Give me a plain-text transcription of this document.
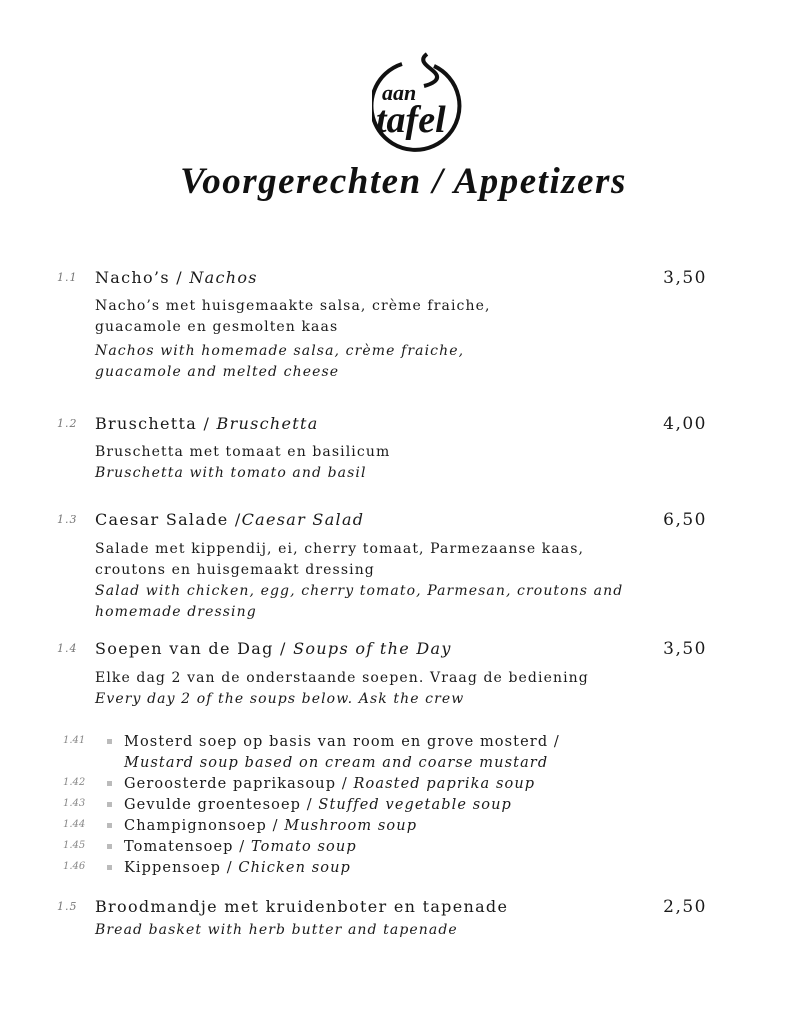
aan
tafel
Voorgerechten / Appetizers
1.1 Nacho’s / Nachos	3,50
Nacho’s met huisgemaakte salsa, crème fraiche,
guacamole en gesmolten kaas
Nachos with homemade salsa, crème fraiche,
guacamole and melted cheese
1.2 Bruschetta / Bruschetta	4,00
Bruschetta met tomaat en basilicum
Bruschetta with tomato and basil
1.3 Caesar Salade /Caesar Salad	6,50
Salade met kippendij, ei, cherry tomaat, Parmezaanse kaas,
croutons en huisgemaakt dressing
Salad with chicken, egg, cherry tomato, Parmesan, croutons and
homemade dressing
1.4 Soepen van de Dag / Soups of the Day	3,50
Elke dag 2 van de onderstaande soepen. Vraag de bediening
Every day 2 of the soups below. Ask the crew
1.41	Mosterd soep op basis van room en grove mosterd /
Mustard soup based on cream and coarse mustard
1.42	Geroosterde paprikasoup / Roasted paprika soup
1.43	Gevulde groentesoep / Stuffed vegetable soup
1.44	Champignonsoep / Mushroom soup
1.45	Tomatensoep / Tomato soup
1.46	Kippensoep / Chicken soup
1.5 Broodmandje met kruidenboter en tapenade	2,50
Bread basket with herb butter and tapenade
